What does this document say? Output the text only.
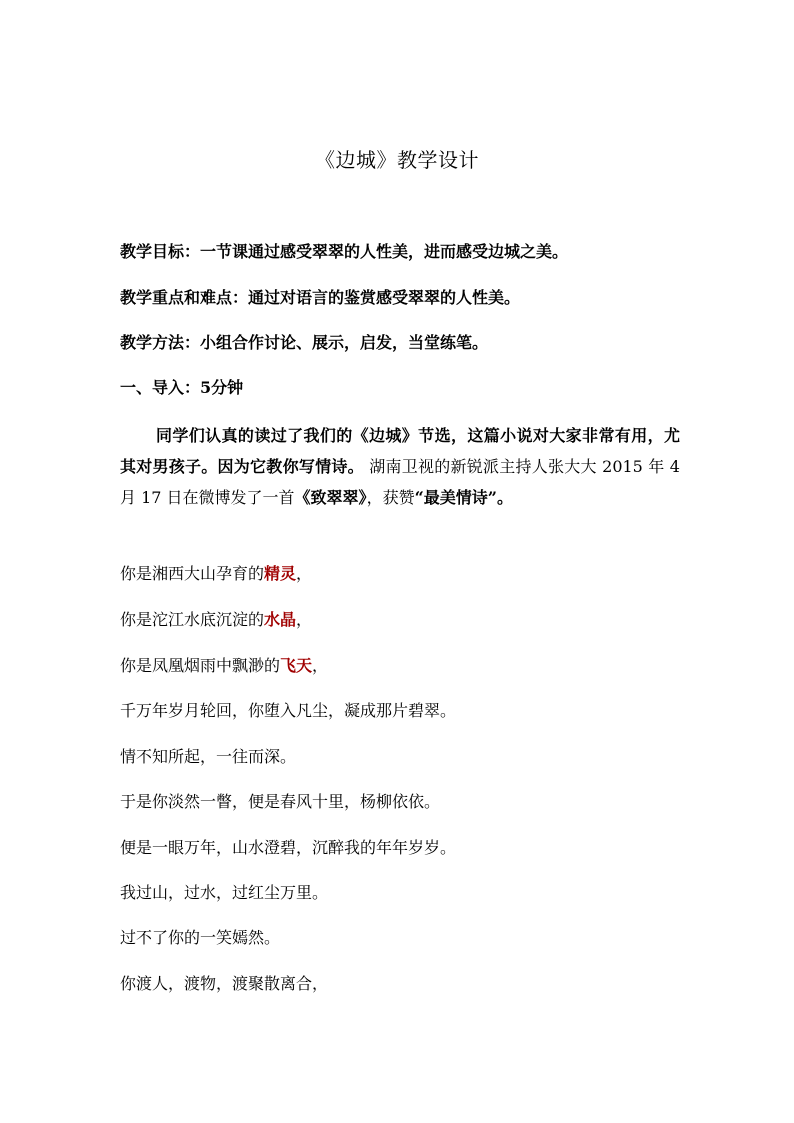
《边城》教学设计
教学目标：一节课通过感受翠翠的人性美，进而感受边城之美。
教学重点和难点：通过对语言的鉴赏感受翠翠的人性美。
教学方法：小组合作讨论、展示，启发，当堂练笔。
一、导入：5分钟
同学们认真的读过了我们的《边城》节选，这篇小说对大家非常有用，尤其对男孩子。因为它教你写情诗。 湖南卫视的新锐派主持人张大大 2015 年 4 月 17 日在微博发了一首《致翠翠》，获赞“最美情诗”。
你是湘西大山孕育的精灵，
你是沱江水底沉淀的水晶，
你是凤凰烟雨中飘渺的飞天，
千万年岁月轮回，你堕入凡尘，凝成那片碧翠。
情不知所起，一往而深。
于是你淡然一瞥，便是春风十里，杨柳依依。
便是一眼万年，山水澄碧，沉醉我的年年岁岁。
我过山，过水，过红尘万里。
过不了你的一笑嫣然。
你渡人，渡物，渡聚散离合，
